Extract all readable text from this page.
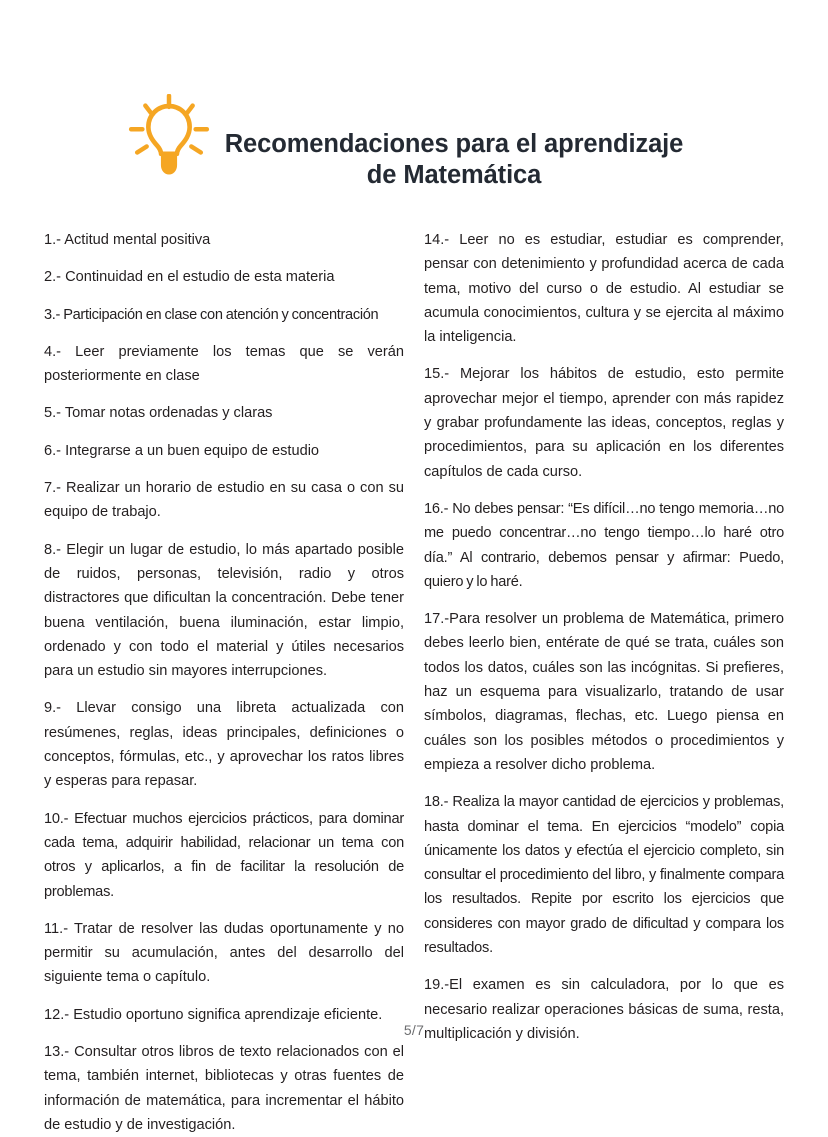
Recomendaciones para el aprendizaje
de Matemática

1.- Actitud mental positiva

2.- Continuidad en el estudio de esta materia

3.- Participación en clase con atención y concentración

4.- Leer previamente los temas que se verán posteriormente en clase

5.- Tomar notas ordenadas y claras

6.- Integrarse a un buen equipo de estudio

7.- Realizar un horario de estudio en su casa o con su equipo de trabajo.

8.- Elegir un lugar de estudio, lo más apartado posible de ruidos, personas, televisión, radio y otros distractores que dificultan la concentración. Debe tener buena ventilación, buena iluminación, estar limpio, ordenado y con todo el material y útiles necesarios para un estudio sin mayores interrupciones.

9.- Llevar consigo una libreta actualizada con resúmenes, reglas, ideas principales, definiciones o conceptos, fórmulas, etc., y aprovechar los ratos libres y esperas para repasar.

10.- Efectuar muchos ejercicios prácticos, para dominar cada tema, adquirir habilidad, relacionar un tema con otros y aplicarlos, a fin de facilitar la resolución de problemas.

11.- Tratar de resolver las dudas oportunamente y no permitir su acumulación, antes del desarrollo del siguiente tema o capítulo.

12.- Estudio oportuno significa aprendizaje eficiente.

13.- Consultar otros libros de texto relacionados con el tema, también internet, bibliotecas y otras fuentes de información de matemática, para incrementar el hábito de estudio y de investigación.

14.- Leer no es estudiar, estudiar es comprender, pensar con detenimiento y profundidad acerca de cada tema, motivo del curso o de estudio. Al estudiar se acumula conocimientos, cultura y se ejercita al máximo la inteligencia.

15.- Mejorar los hábitos de estudio, esto permite aprovechar mejor el tiempo, aprender con más rapidez y grabar profundamente las ideas, conceptos, reglas y procedimientos, para su aplicación en los diferentes capítulos de cada curso.

16.- No debes pensar: “Es difícil…no tengo memoria…no me puedo concentrar…no tengo tiempo…lo haré otro día.” Al contrario, debemos pensar y afirmar: Puedo, quiero y lo haré.

17.-Para resolver un problema de Matemática, primero debes leerlo bien, entérate de qué se trata, cuáles son todos los datos, cuáles son las incógnitas. Si prefieres, haz un esquema para visualizarlo, tratando de usar símbolos, diagramas, flechas, etc. Luego piensa en cuáles son los posibles métodos o procedimientos y empieza a resolver dicho problema.

18.- Realiza la mayor cantidad de ejercicios y problemas, hasta dominar el tema. En ejercicios “modelo” copia únicamente los datos y efectúa el ejercicio completo, sin consultar el procedimiento del libro, y finalmente compara los resultados. Repite por escrito los ejercicios que consideres con mayor grado de dificultad y compara los resultados.

19.-El examen es sin calculadora, por lo que es necesario realizar operaciones básicas de suma, resta, multiplicación y división.

5/7
